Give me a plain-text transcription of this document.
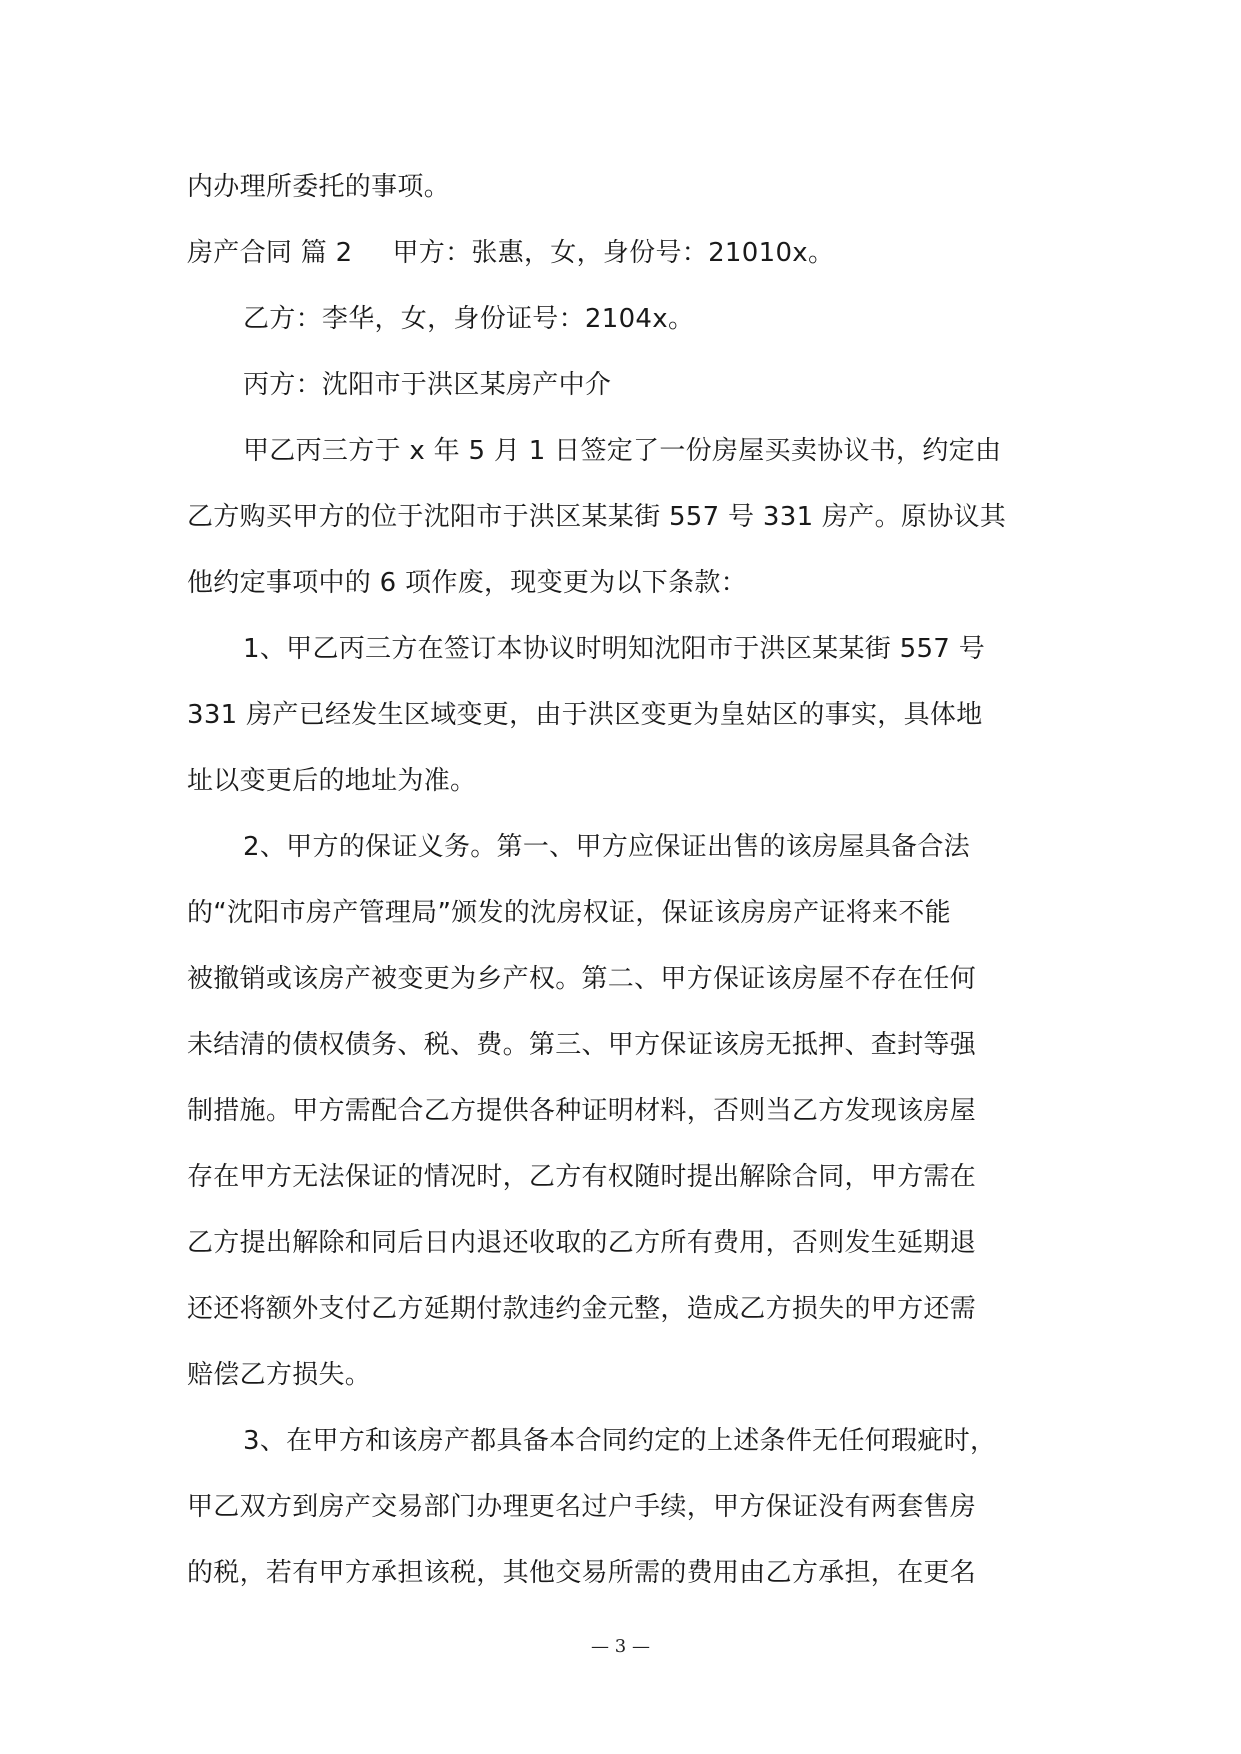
内办理所委托的事项。
房产合同 篇 2 甲方：张惠，女，身份号：21010x。
乙方：李华，女，身份证号：2104x。
丙方：沈阳市于洪区某房产中介
甲乙丙三方于 x 年 5 月 1 日签定了一份房屋买卖协议书，约定由
乙方购买甲方的位于沈阳市于洪区某某街 557 号 331 房产。原协议其
他约定事项中的 6 项作废，现变更为以下条款：
1、甲乙丙三方在签订本协议时明知沈阳市于洪区某某街 557 号
331 房产已经发生区域变更，由于洪区变更为皇姑区的事实，具体地
址以变更后的地址为准。
2、甲方的保证义务。第一、甲方应保证出售的该房屋具备合法
的“沈阳市房产管理局”颁发的沈房权证，保证该房房产证将来不能
被撤销或该房产被变更为乡产权。第二、甲方保证该房屋不存在任何
未结清的债权债务、税、费。第三、甲方保证该房无抵押、查封等强
制措施。甲方需配合乙方提供各种证明材料，否则当乙方发现该房屋
存在甲方无法保证的情况时，乙方有权随时提出解除合同，甲方需在
乙方提出解除和同后日内退还收取的乙方所有费用，否则发生延期退
还还将额外支付乙方延期付款违约金元整，造成乙方损失的甲方还需
赔偿乙方损失。
3、在甲方和该房产都具备本合同约定的上述条件无任何瑕疵时，
甲乙双方到房产交易部门办理更名过户手续，甲方保证没有两套售房
的税，若有甲方承担该税，其他交易所需的费用由乙方承担，在更名
— 3 —
